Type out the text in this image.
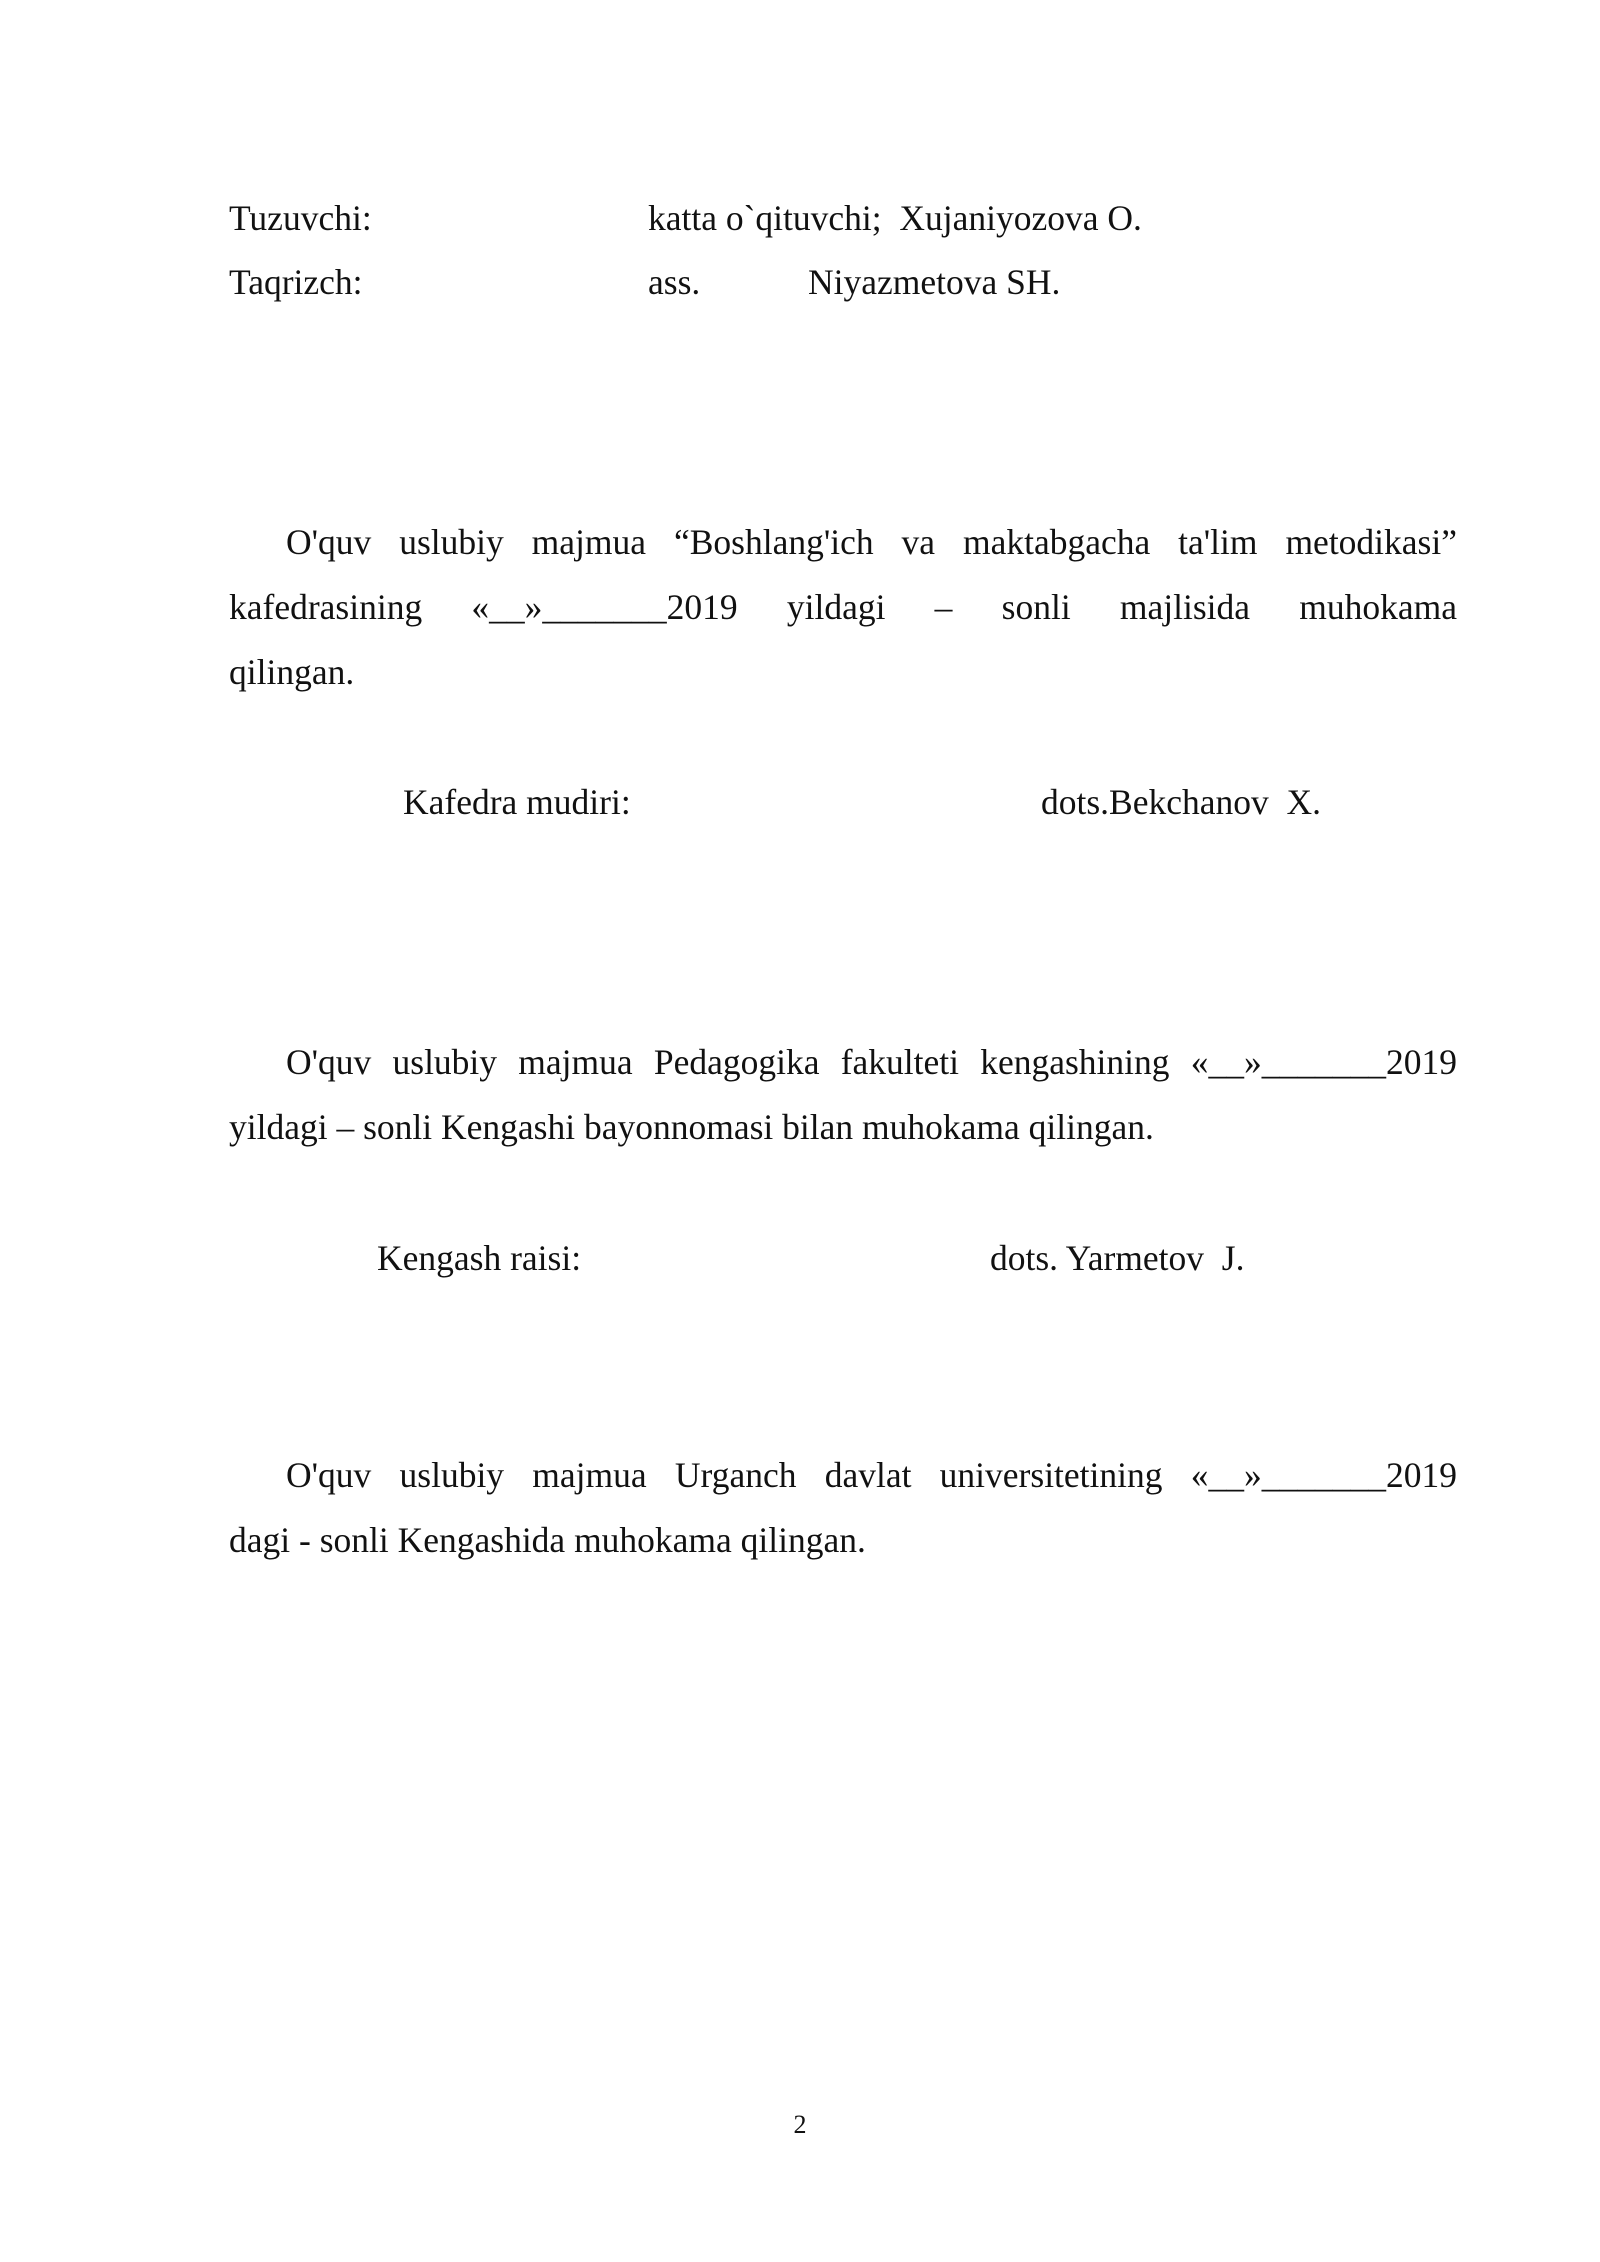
Tuzuvchi:	katta o`qituvchi;  Xujaniyozova O.
Taqrizch:	ass.	Niyazmetova SH.
O'quv uslubiy majmua “Boshlang'ich va maktabgacha ta'lim metodikasi”
kafedrasining «__»_______2019 yildagi – sonli majlisida muhokama
qilingan.
Kafedra mudiri:	dots.Bekchanov  X.
O'quv uslubiy majmua Pedagogika fakulteti kengashining «__»_______2019
yildagi – sonli Kengashi bayonnomasi bilan muhokama qilingan.
Kengash raisi:	dots. Yarmetov  J.
O'quv uslubiy majmua Urganch davlat universitetining «__»_______2019
dagi - sonli Kengashida muhokama qilingan.
2
